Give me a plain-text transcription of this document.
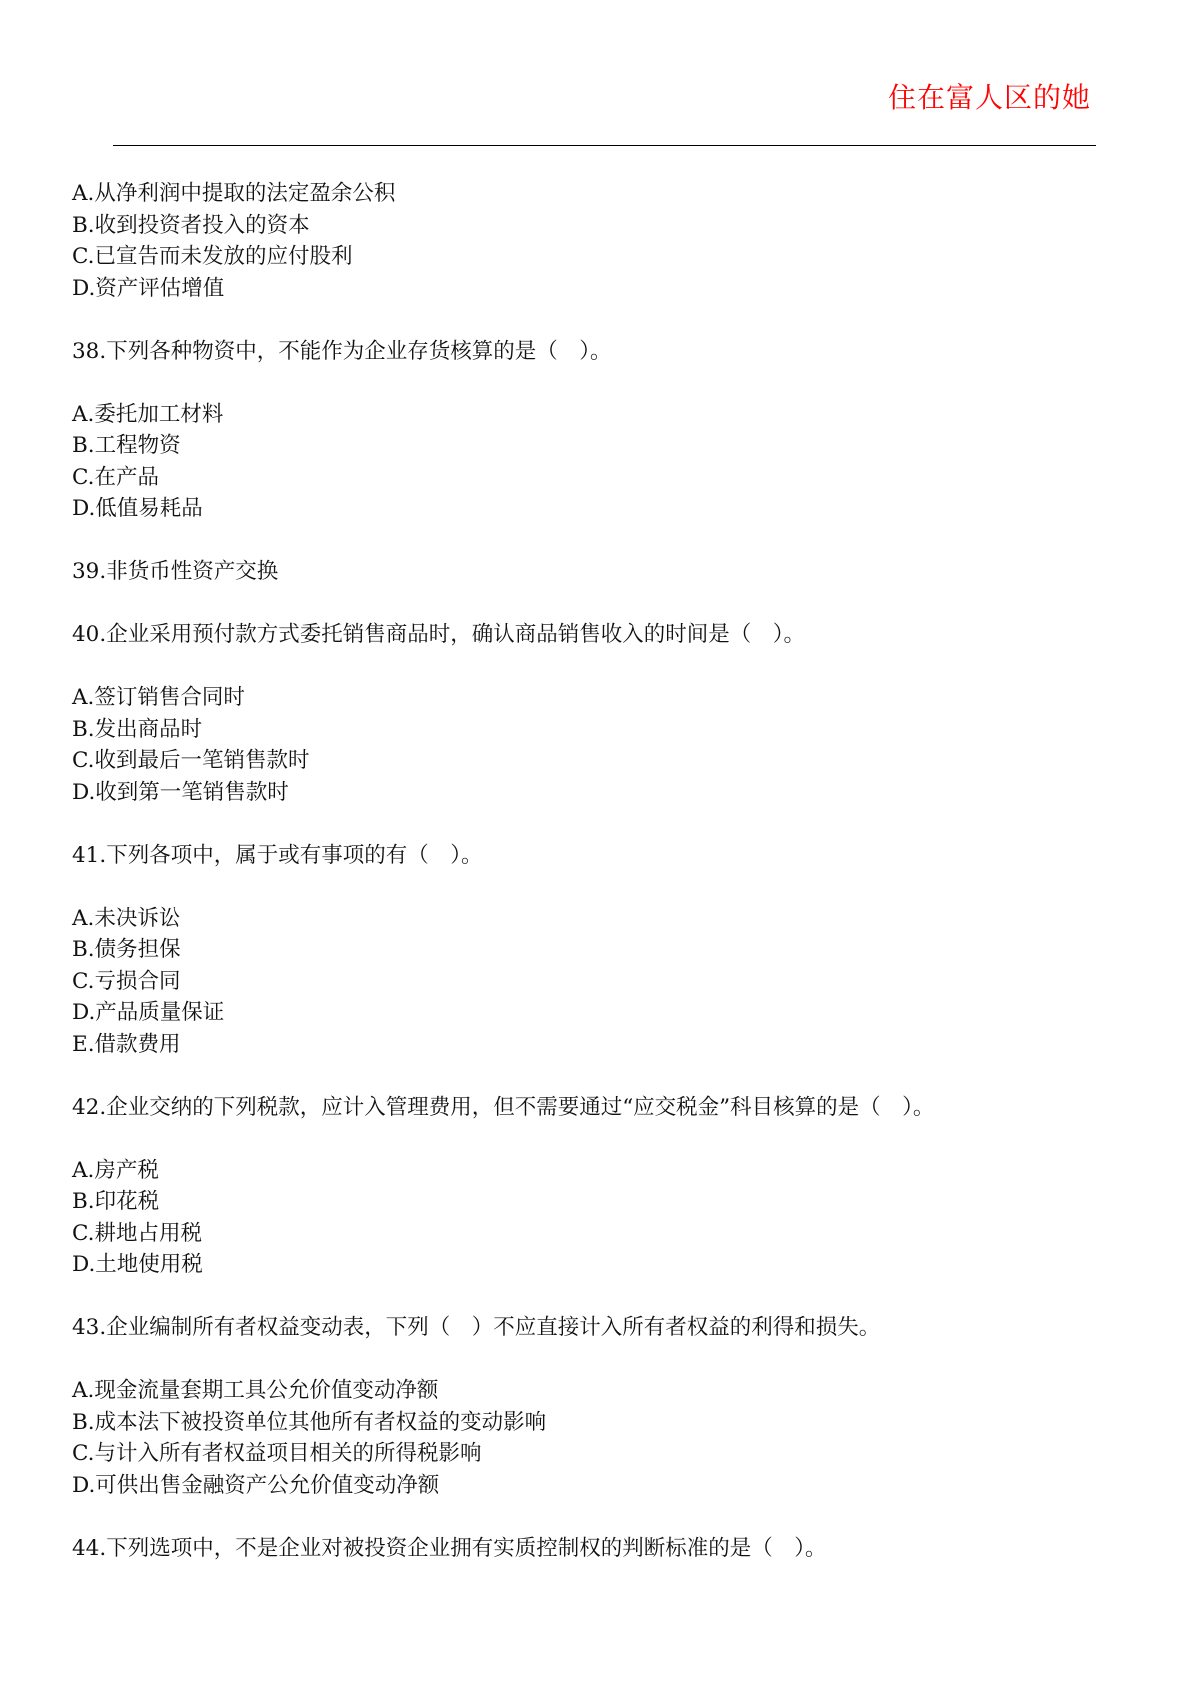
住在富人区的她
A.从净利润中提取的法定盈余公积
B.收到投资者投入的资本
C.已宣告而未发放的应付股利
D.资产评估增值
38.下列各种物资中，不能作为企业存货核算的是（　）。
A.委托加工材料
B.工程物资
C.在产品
D.低值易耗品
39.非货币性资产交换
40.企业采用预付款方式委托销售商品时，确认商品销售收入的时间是（　）。
A.签订销售合同时
B.发出商品时
C.收到最后一笔销售款时
D.收到第一笔销售款时
41.下列各项中，属于或有事项的有（　）。
A.未决诉讼
B.债务担保
C.亏损合同
D.产品质量保证
E.借款费用
42.企业交纳的下列税款，应计入管理费用，但不需要通过“应交税金”科目核算的是（　）。
A.房产税
B.印花税
C.耕地占用税
D.土地使用税
43.企业编制所有者权益变动表，下列（　）不应直接计入所有者权益的利得和损失。
A.现金流量套期工具公允价值变动净额
B.成本法下被投资单位其他所有者权益的变动影响
C.与计入所有者权益项目相关的所得税影响
D.可供出售金融资产公允价值变动净额
44.下列选项中，不是企业对被投资企业拥有实质控制权的判断标准的是（　）。
